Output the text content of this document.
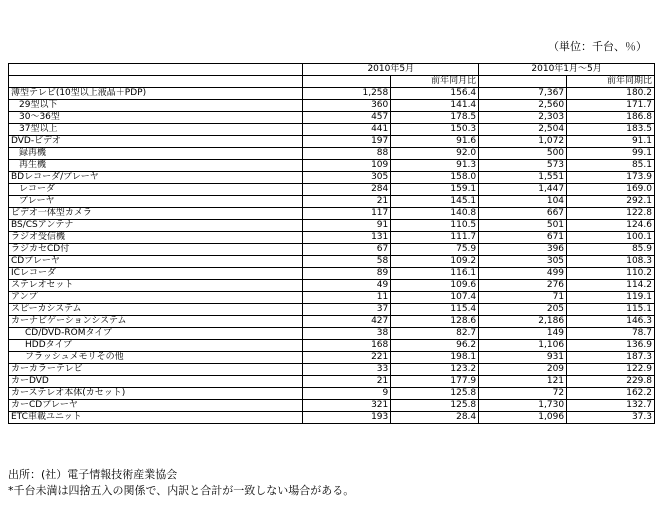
（単位：千台、％）
	2010年5月		2010年1月～5月	
		前年同月比		前年同期比
薄型テレビ(10型以上液晶＋PDP)	1,258	156.4	7,367	180.2
29型以下	360	141.4	2,560	171.7
30～36型	457	178.5	2,303	186.8
37型以上	441	150.3	2,504	183.5
DVD-ビデオ	197	91.6	1,072	91.1
録再機	88	92.0	500	99.1
再生機	109	91.3	573	85.1
BDレコーダ/プレーヤ	305	158.0	1,551	173.9
レコーダ	284	159.1	1,447	169.0
プレーヤ	21	145.1	104	292.1
ビデオ一体型カメラ	117	140.8	667	122.8
BS/CSアンテナ	91	110.5	501	124.6
ラジオ受信機	131	111.7	671	100.1
ラジカセCD付	67	75.9	396	85.9
CDプレーヤ	58	109.2	305	108.3
ICレコーダ	89	116.1	499	110.2
ステレオセット	49	109.6	276	114.2
アンプ	11	107.4	71	119.1
スピーカシステム	37	115.4	205	115.1
カーナビゲーションシステム	427	128.6	2,186	146.3
CD/DVD-ROMタイプ	38	82.7	149	78.7
HDDタイプ	168	96.2	1,106	136.9
フラッシュメモリその他	221	198.1	931	187.3
カーカラーテレビ	33	123.2	209	122.9
カーDVD	21	177.9	121	229.8
カーステレオ本体(カセット)	9	125.8	72	162.2
カーCDプレーヤ	321	125.8	1,730	132.7
ETC車載ユニット	193	28.4	1,096	37.3
出所：(社）電子情報技術産業協会
*千台未満は四捨五入の関係で、内訳と合計が一致しない場合がある。
